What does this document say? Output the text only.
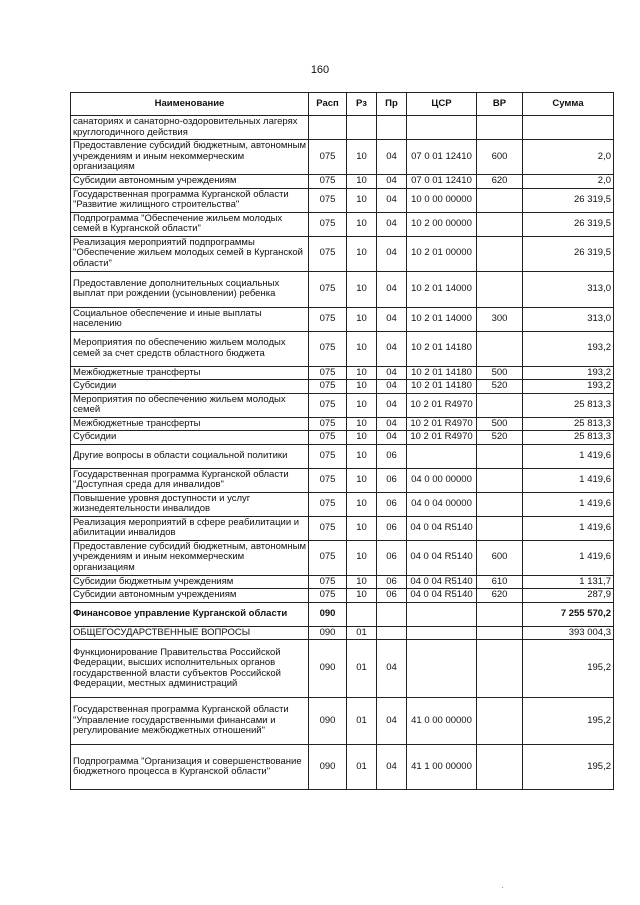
160
Наименование	Расп	Рз	Пр	ЦСР	ВР	Сумма
санаториях и санаторно-оздоровительных лагерях круглогодичного действия						
Предоставление субсидий бюджетным, автономным учреждениям и иным некоммерческим организациям	075	10	04	07 0 01 12410	600	2,0
Субсидии автономным учреждениям	075	10	04	07 0 01 12410	620	2,0
Государственная программа Курганской области "Развитие жилищного строительства"	075	10	04	10 0 00 00000		26 319,5
Подпрограмма "Обеспечение жильем молодых семей в Курганской области"	075	10	04	10 2 00 00000		26 319,5
Реализация мероприятий подпрограммы "Обеспечение жильем молодых семей в Курганской области"	075	10	04	10 2 01 00000		26 319,5
Предоставление дополнительных социальных выплат при рождении (усыновлении) ребенка	075	10	04	10 2 01 14000		313,0
Социальное обеспечение и иные выплаты населению	075	10	04	10 2 01 14000	300	313,0
Мероприятия по обеспечению жильем молодых семей за счет средств областного бюджета	075	10	04	10 2 01 14180		193,2
Межбюджетные трансферты	075	10	04	10 2 01 14180	500	193,2
Субсидии	075	10	04	10 2 01 14180	520	193,2
Мероприятия по обеспечению жильем молодых семей	075	10	04	10 2 01 R4970		25 813,3
Межбюджетные трансферты	075	10	04	10 2 01 R4970	500	25 813,3
Субсидии	075	10	04	10 2 01 R4970	520	25 813,3
Другие вопросы в области социальной политики	075	10	06			1 419,6
Государственная программа Курганской области "Доступная среда для инвалидов"	075	10	06	04 0 00 00000		1 419,6
Повышение уровня доступности и услуг жизнедеятельности инвалидов	075	10	06	04 0 04 00000		1 419,6
Реализация мероприятий в сфере реабилитации и абилитации инвалидов	075	10	06	04 0 04 R5140		1 419,6
Предоставление субсидий бюджетным, автономным учреждениям и иным некоммерческим организациям	075	10	06	04 0 04 R5140	600	1 419,6
Субсидии бюджетным учреждениям	075	10	06	04 0 04 R5140	610	1 131,7
Субсидии автономным учреждениям	075	10	06	04 0 04 R5140	620	287,9
Финансовое управление Курганской области	090					7 255 570,2
ОБЩЕГОСУДАРСТВЕННЫЕ ВОПРОСЫ	090	01				393 004,3
Функционирование Правительства Российской Федерации, высших исполнительных органов государственной власти субъектов Российской Федерации, местных администраций	090	01	04			195,2
Государственная программа Курганской области "Управление государственными финансами и регулирование межбюджетных отношений"	090	01	04	41 0 00 00000		195,2
Подпрограмма "Организация и совершенствование бюджетного процесса в Курганской области"	090	01	04	41 1 00 00000		195,2
